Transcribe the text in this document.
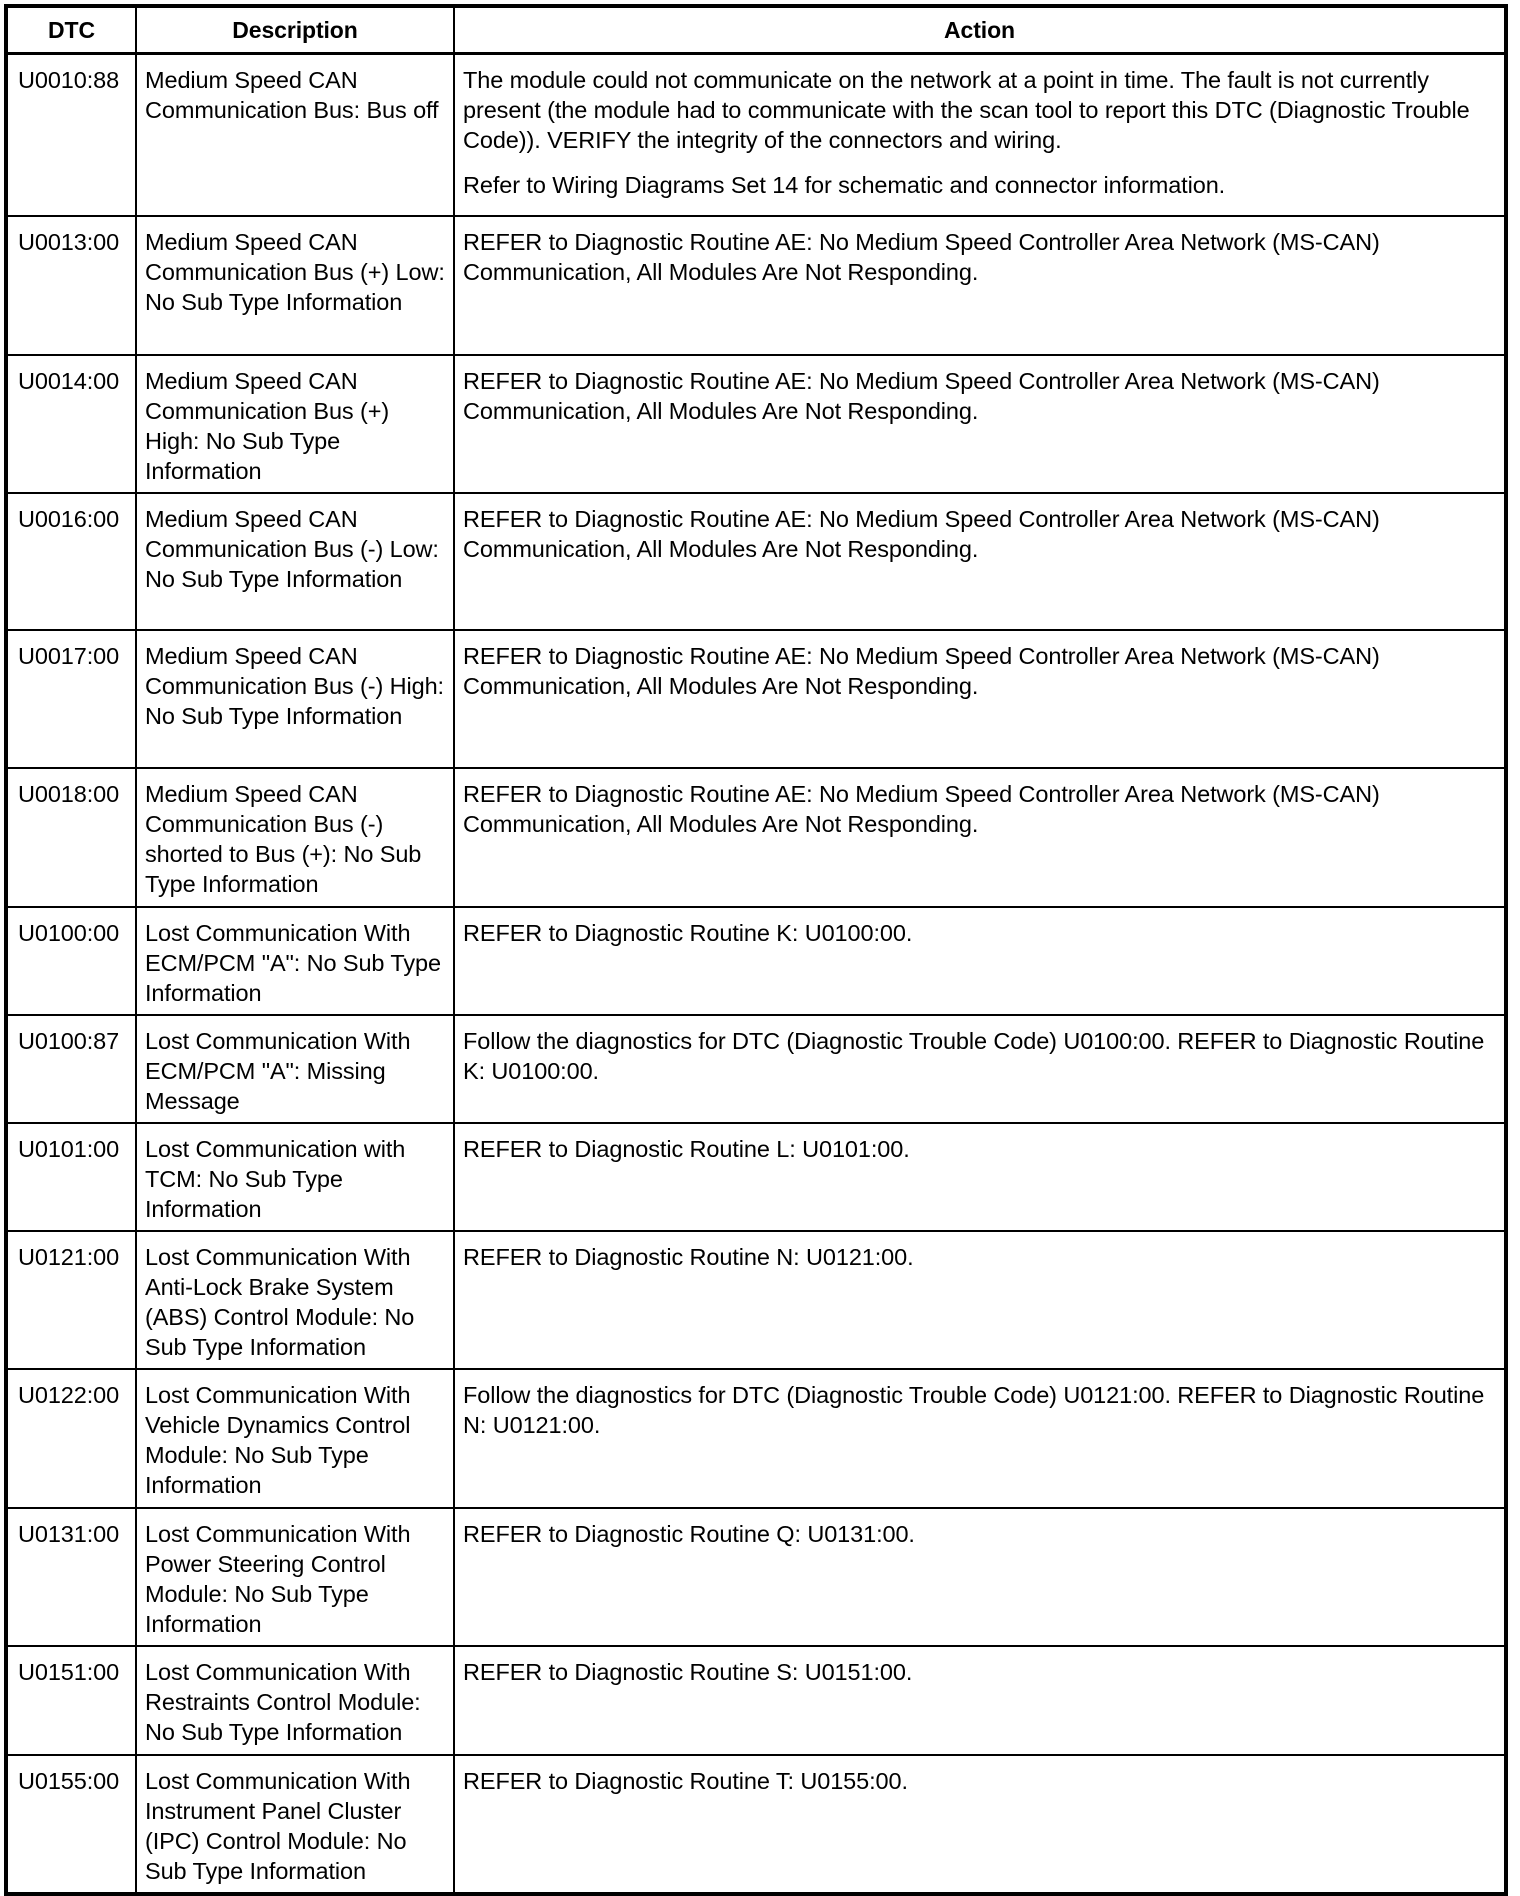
DTC	Description	Action
U0010:88	Medium Speed CAN Communication Bus: Bus off	The module could not communicate on the network at a point in time. The fault is not currently present (the module had to communicate with the scan tool to report this DTC (Diagnostic Trouble Code)). VERIFY the integrity of the connectors and wiring.

Refer to Wiring Diagrams Set 14 for schematic and connector information.

U0013:00	Medium Speed CAN Communication Bus (+) Low: No Sub Type Information	REFER to Diagnostic Routine AE: No Medium Speed Controller Area Network (MS-CAN) Communication, All Modules Are Not Responding.

U0014:00	Medium Speed CAN Communication Bus (+) High: No Sub Type Information	REFER to Diagnostic Routine AE: No Medium Speed Controller Area Network (MS-CAN) Communication, All Modules Are Not Responding.

U0016:00	Medium Speed CAN Communication Bus (-) Low: No Sub Type Information	REFER to Diagnostic Routine AE: No Medium Speed Controller Area Network (MS-CAN) Communication, All Modules Are Not Responding.

U0017:00	Medium Speed CAN Communication Bus (-) High: No Sub Type Information	REFER to Diagnostic Routine AE: No Medium Speed Controller Area Network (MS-CAN) Communication, All Modules Are Not Responding.

U0018:00	Medium Speed CAN Communication Bus (-) shorted to Bus (+): No Sub Type Information	REFER to Diagnostic Routine AE: No Medium Speed Controller Area Network (MS-CAN) Communication, All Modules Are Not Responding.

U0100:00	Lost Communication With ECM/PCM "A": No Sub Type Information	REFER to Diagnostic Routine K: U0100:00.

U0100:87	Lost Communication With ECM/PCM "A": Missing Message	Follow the diagnostics for DTC (Diagnostic Trouble Code) U0100:00. REFER to Diagnostic Routine K: U0100:00.

U0101:00	Lost Communication with TCM: No Sub Type Information	REFER to Diagnostic Routine L: U0101:00.

U0121:00	Lost Communication With Anti-Lock Brake System (ABS) Control Module: No Sub Type Information	REFER to Diagnostic Routine N: U0121:00.

U0122:00	Lost Communication With Vehicle Dynamics Control Module: No Sub Type Information	Follow the diagnostics for DTC (Diagnostic Trouble Code) U0121:00. REFER to Diagnostic Routine N: U0121:00.

U0131:00	Lost Communication With Power Steering Control Module: No Sub Type Information	REFER to Diagnostic Routine Q: U0131:00.

U0151:00	Lost Communication With Restraints Control Module: No Sub Type Information	REFER to Diagnostic Routine S: U0151:00.

U0155:00	Lost Communication With Instrument Panel Cluster (IPC) Control Module: No Sub Type Information	REFER to Diagnostic Routine T: U0155:00.
